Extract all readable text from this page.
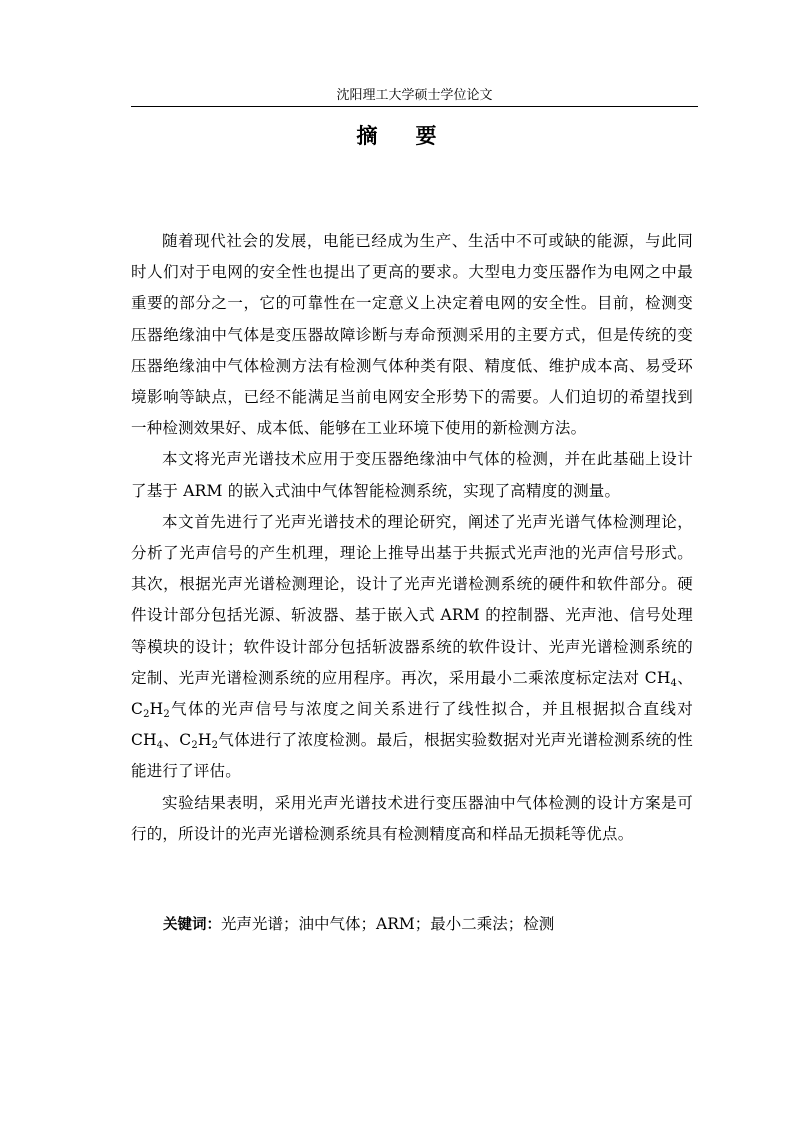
沈阳理工大学硕士学位论文
摘 要

随着现代社会的发展，电能已经成为生产、生活中不可或缺的能源，与此同时人们对于电网的安全性也提出了更高的要求。大型电力变压器作为电网之中最重要的部分之一，它的可靠性在一定意义上决定着电网的安全性。目前，检测变压器绝缘油中气体是变压器故障诊断与寿命预测采用的主要方式，但是传统的变压器绝缘油中气体检测方法有检测气体种类有限、精度低、维护成本高、易受环境影响等缺点，已经不能满足当前电网安全形势下的需要。人们迫切的希望找到一种检测效果好、成本低、能够在工业环境下使用的新检测方法。

本文将光声光谱技术应用于变压器绝缘油中气体的检测，并在此基础上设计了基于 ARM 的嵌入式油中气体智能检测系统，实现了高精度的测量。

本文首先进行了光声光谱技术的理论研究，阐述了光声光谱气体检测理论，分析了光声信号的产生机理，理论上推导出基于共振式光声池的光声信号形式。其次，根据光声光谱检测理论，设计了光声光谱检测系统的硬件和软件部分。硬件设计部分包括光源、斩波器、基于嵌入式 ARM 的控制器、光声池、信号处理等模块的设计；软件设计部分包括斩波器系统的软件设计、光声光谱检测系统的定制、光声光谱检测系统的应用程序。再次，采用最小二乘浓度标定法对 $CH_4$、$C_2H_2$气体的光声信号与浓度之间关系进行了线性拟合，并且根据拟合直线对 $CH_4$、$C_2H_2$气体进行了浓度检测。最后，根据实验数据对光声光谱检测系统的性能进行了评估。

实验结果表明，采用光声光谱技术进行变压器油中气体检测的设计方案是可行的，所设计的光声光谱检测系统具有检测精度高和样品无损耗等优点。

关键词：光声光谱；油中气体；ARM；最小二乘法；检测
